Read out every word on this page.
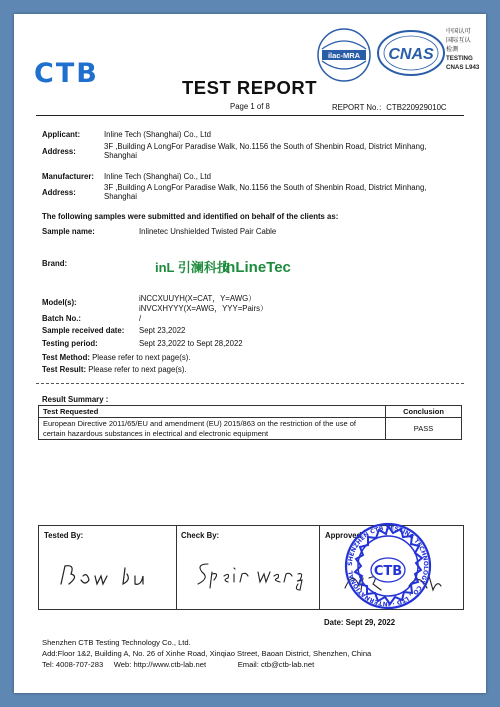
CTB
ilac-MRA CNAS
中国认可
国际互认
检测
TESTING
CNAS L943
TEST REPORT
Page 1 of 8	REPORT No.：CTB220929010C
Applicant:	Inline Tech (Shanghai) Co., Ltd
Address:
3F ,Building A LongFor Paradise Walk, No.1156 the South of Shenbin Road, District Minhang,
Shanghai
Manufacturer: Inline Tech (Shanghai) Co., Ltd
Address:
3F ,Building A LongFor Paradise Walk, No.1156 the South of Shenbin Road, District Minhang,
Shanghai
The following samples were submitted and identified on behalf of the clients as:
Sample name:	Inlinetec Unshielded Twisted Pair Cable
Brand:	inL 引澜科技
inLineTec
Model(s):	iNCCXUUYH(X=CAT，Y=AWG）
iNVCXHYYY(X=AWG，YYY=Pairs）
Batch No.:	/
Sample received date: Sept 23,2022
Testing period:	Sept 23,2022 to Sept 28,2022
Test Method: Please refer to next page(s).
Test Result: Please refer to next page(s).
Result Summary :
Test Requested	Conclusion

European Directive 2011/65/EU and amendment (EU) 2015/863 on the restriction of the use of
certain hazardous substances in electrical and electronic equipment	PASS
Tested By:	Check By:	Approved
SHENZHEN CTB TESTING TECHNOLOGY CO., LTD · INTERNATIONAL	CTB
Date: Sept 29, 2022
Shenzhen CTB Testing Technology Co., Ltd.
Add:Floor 1&2, Building A, No. 26 of Xinhe Road, Xinqiao Street, Baoan District, Shenzhen, China
Tel: 4008-707-283 Web: http://www.ctb-lab.net	Email: ctb@ctb-lab.net
